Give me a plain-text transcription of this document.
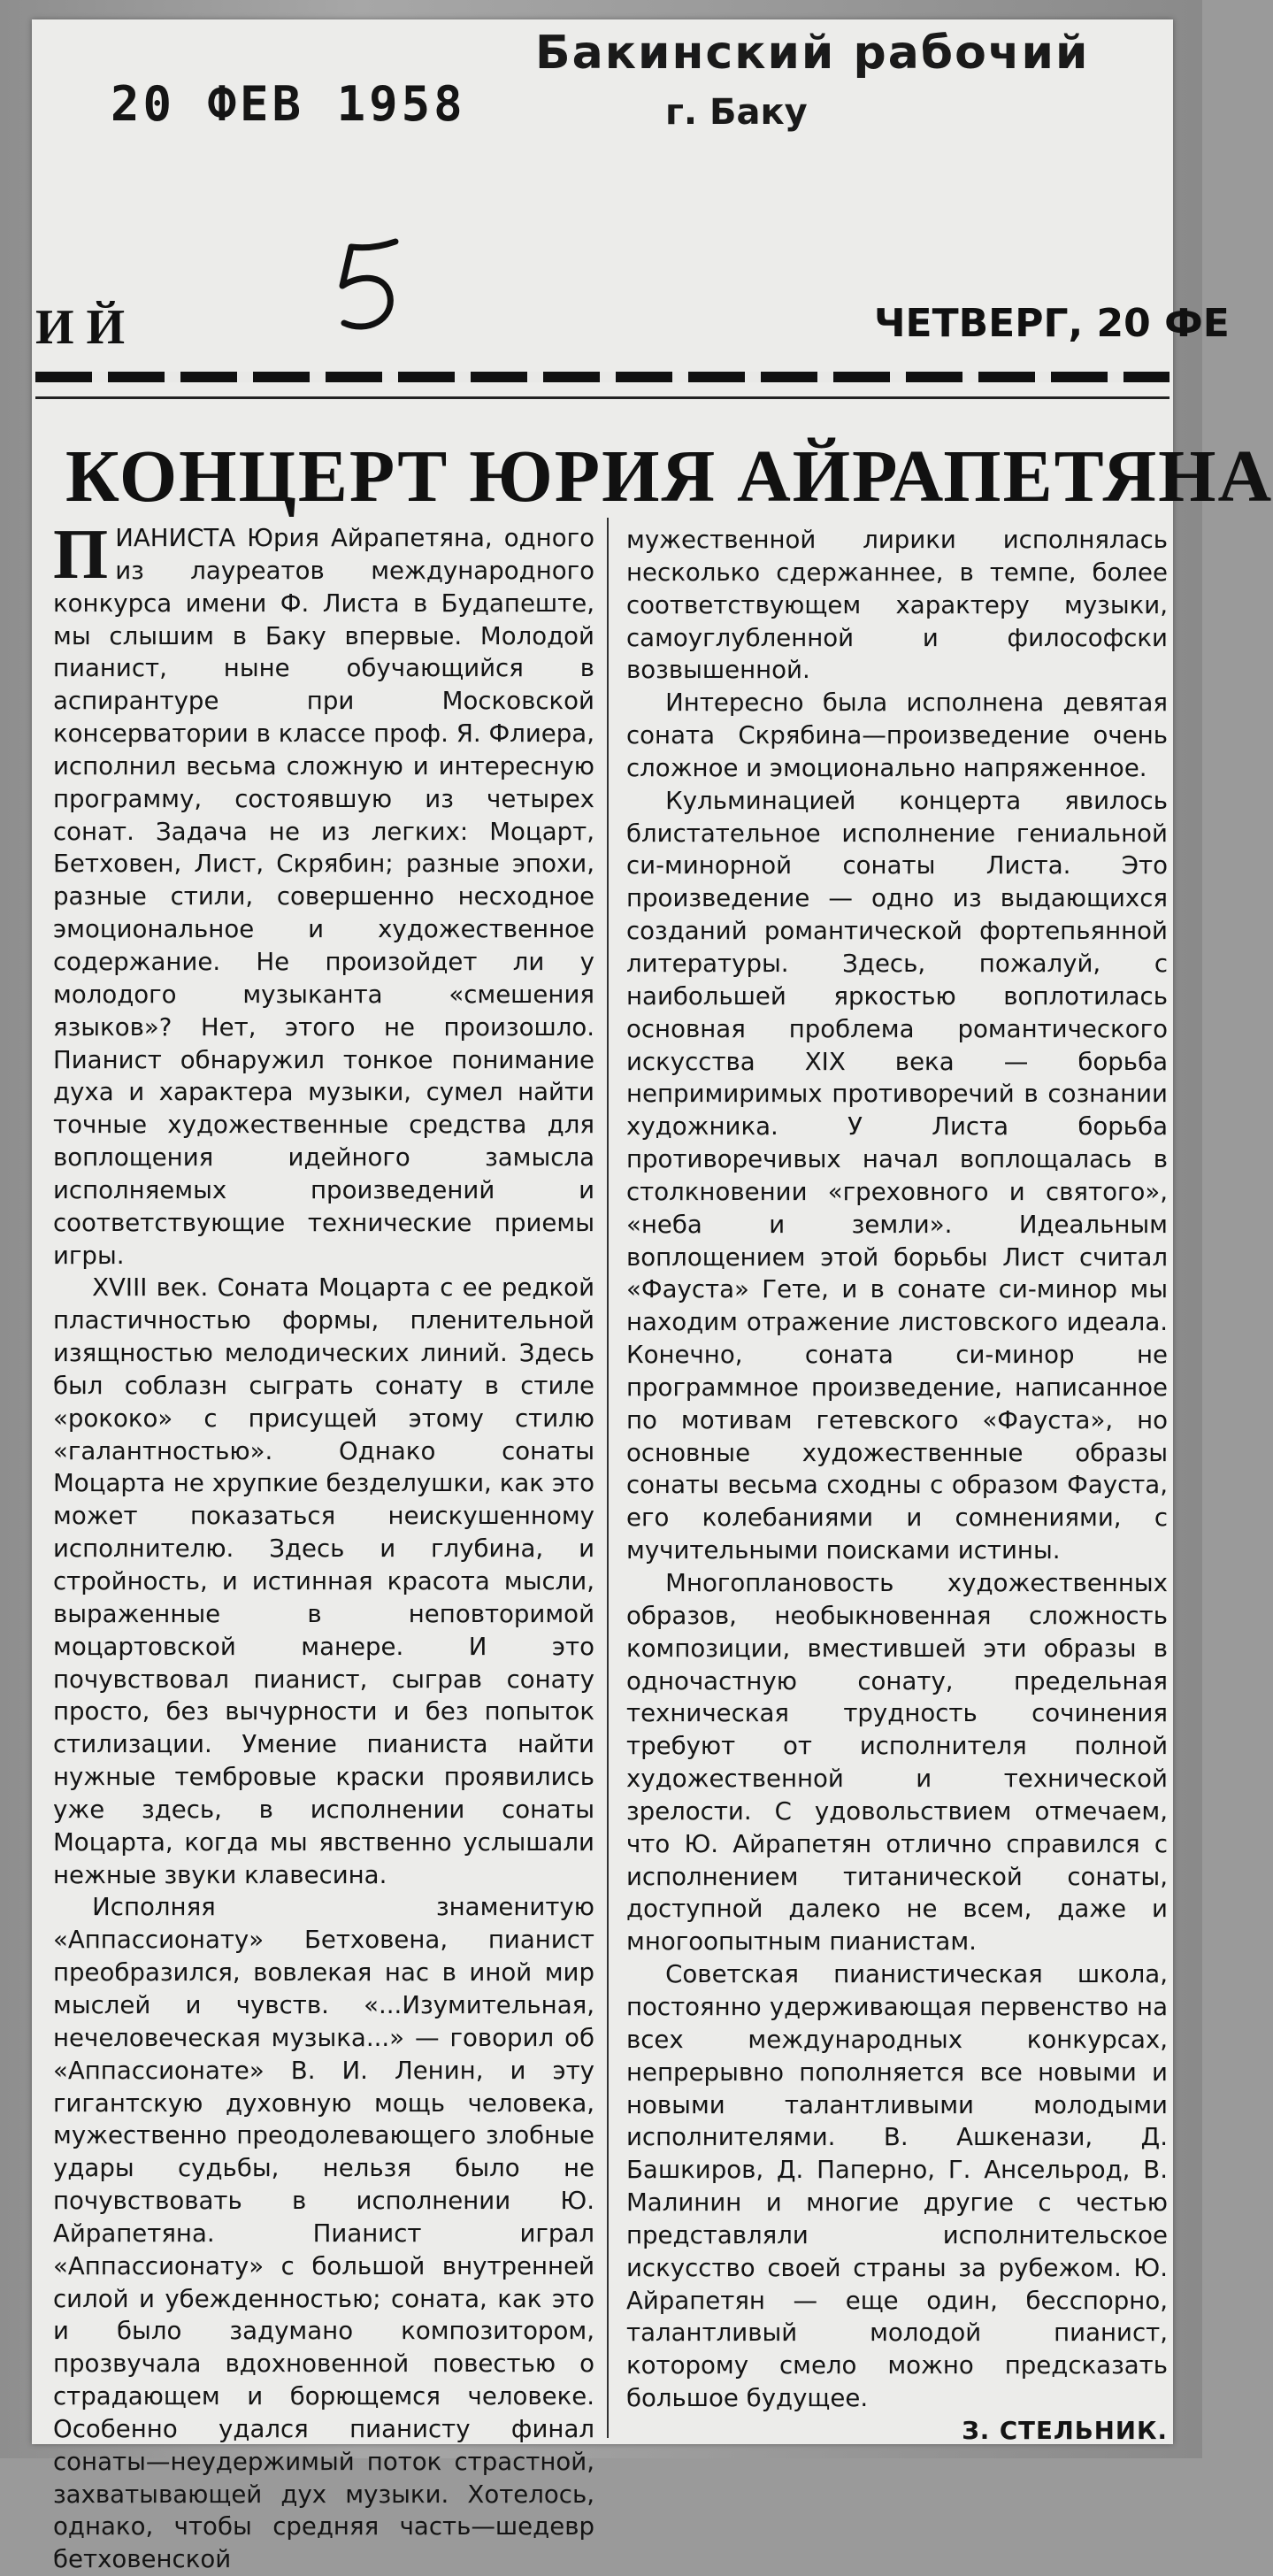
20 ФЕВ 1958
Бакинский рабочий
г. Баку
5
И Й	ЧЕТВЕРГ, 20 ФЕ
КОНЦЕРТ ЮРИЯ АЙРАПЕТЯНА

ПИАНИСТА Юрия Айрапетяна, одного из лауреатов международного конкурса имени Ф. Листа в Будапеште, мы слышим в Баку впервые. Молодой пианист, ныне обучающийся в аспирантуре при Московской консерватории в классе проф. Я. Флиера, исполнил весьма сложную и интересную программу, состоявшую из четырех сонат. Задача не из легких: Моцарт, Бетховен, Лист, Скрябин; разные эпохи, разные стили, совершенно несходное эмоциональное и художественное содержание. Не произойдет ли у молодого музыканта «смешения языков»? Нет, этого не произошло. Пианист обнаружил тонкое понимание духа и характера музыки, сумел найти точные художественные средства для воплощения идейного замысла исполняемых произведений и соответствующие технические приемы игры.

XVIII век. Соната Моцарта с ее редкой пластичностью формы, пленительной изящностью мелодических линий. Здесь был соблазн сыграть сонату в стиле «рококо» с присущей этому стилю «галантностью». Однако сонаты Моцарта не хрупкие безделушки, как это может показаться неискушенному исполнителю. Здесь и глубина, и стройность, и истинная красота мысли, выраженные в неповторимой моцартовской манере. И это почувствовал пианист, сыграв сонату просто, без вычурности и без попыток стилизации. Умение пианиста найти нужные тембровые краски проявились уже здесь, в исполнении сонаты Моцарта, когда мы явственно услышали нежные звуки клавесина.

Исполняя знаменитую «Аппассионату» Бетховена, пианист преобразился, вовлекая нас в иной мир мыслей и чувств. «...Изумительная, нечеловеческая музыка...» — говорил об «Аппассионате» В. И. Ленин, и эту гигантскую духовную мощь человека, мужественно преодолевающего злобные удары судьбы, нельзя было не почувствовать в исполнении Ю. Айрапетяна. Пианист играл «Аппассионату» с большой внутренней силой и убежденностью; соната, как это и было задумано композитором, прозвучала вдохновенной повестью о страдающем и борющемся человеке. Особенно удался пианисту финал сонаты—неудержимый поток страстной, захватывающей дух музыки. Хотелось, однако, чтобы средняя часть—шедевр бетховенской

мужественной лирики исполнялась несколько сдержаннее, в темпе, более соответствующем характеру музыки, самоуглубленной и философски возвышенной.

Интересно была исполнена девятая соната Скрябина—произведение очень сложное и эмоционально напряженное.

Кульминацией концерта явилось блистательное исполнение гениальной си-минорной сонаты Листа. Это произведение — одно из выдающихся созданий романтической фортепьянной литературы. Здесь, пожалуй, с наибольшей яркостью воплотилась основная проблема романтического искусства XIX века — борьба непримиримых противоречий в сознании художника. У Листа борьба противоречивых начал воплощалась в столкновении «греховного и святого», «неба и земли». Идеальным воплощением этой борьбы Лист считал «Фауста» Гете, и в сонате си-минор мы находим отражение листовского идеала. Конечно, соната си-минор не программное произведение, написанное по мотивам гетевского «Фауста», но основные художественные образы сонаты весьма сходны с образом Фауста, его колебаниями и сомнениями, с мучительными поисками истины.

Многоплановость художественных образов, необыкновенная сложность композиции, вместившей эти образы в одночастную сонату, предельная техническая трудность сочинения требуют от исполнителя полной художественной и технической зрелости. С удовольствием отмечаем, что Ю. Айрапетян отлично справился с исполнением титанической сонаты, доступной далеко не всем, даже и многоопытным пианистам.

Советская пианистическая школа, постоянно удерживающая первенство на всех международных конкурсах, непрерывно пополняется все новыми и новыми талантливыми молодыми исполнителями. В. Ашкенази, Д. Башкиров, Д. Паперно, Г. Ансельрод, В. Малинин и многие другие с честью представляли исполнительское искусство своей страны за рубежом. Ю. Айрапетян — еще один, бесспорно, талантливый молодой пианист, которому смело можно предсказать большое будущее.

З. СТЕЛЬНИК.
